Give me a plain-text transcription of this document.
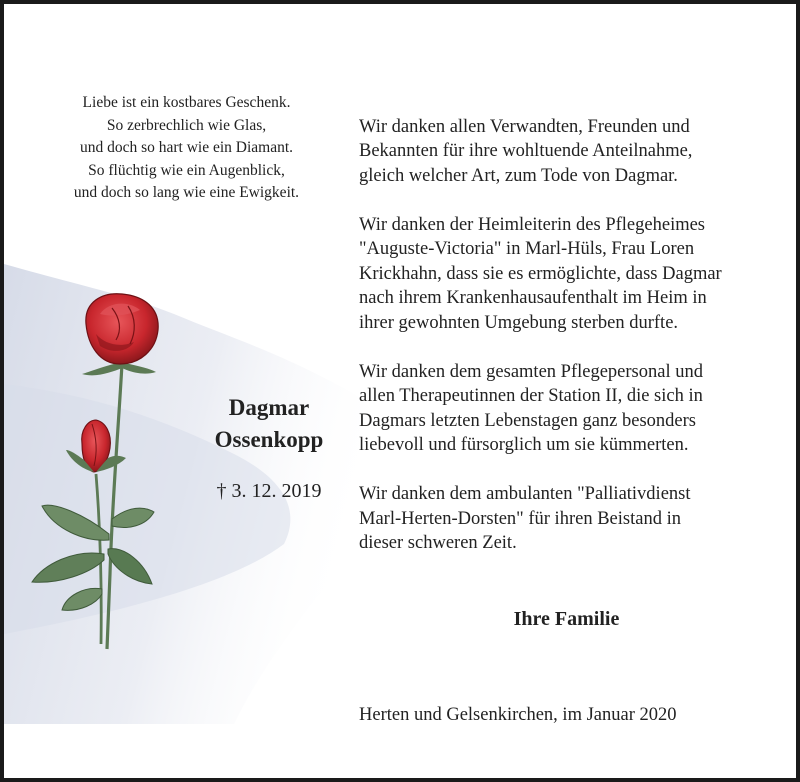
Liebe ist ein kostbares Geschenk.
So zerbrechlich wie Glas,
und doch so hart wie ein Diamant.
So flüchtig wie ein Augenblick,
und doch so lang wie eine Ewigkeit.
Dagmar
Ossenkopp
† 3. 12. 2019

Wir danken allen Verwandten, Freunden und
Bekannten für ihre wohltuende Anteilnahme,
gleich welcher Art, zum Tode von Dagmar.

Wir danken der Heimleiterin des Pflegeheimes
"Auguste-Victoria" in Marl-Hüls, Frau Loren
Krickhahn, dass sie es ermöglichte, dass Dagmar
nach ihrem Krankenhausaufenthalt im Heim in
ihrer gewohnten Umgebung sterben durfte.

Wir danken dem gesamten Pflegepersonal und
allen Therapeutinnen der Station II, die sich in
Dagmars letzten Lebenstagen ganz besonders
liebevoll und fürsorglich um sie kümmerten.

Wir danken dem ambulanten "Palliativdienst
Marl-Herten-Dorsten" für ihren Beistand in
dieser schweren Zeit.

Ihre Familie
Herten und Gelsenkirchen, im Januar 2020
